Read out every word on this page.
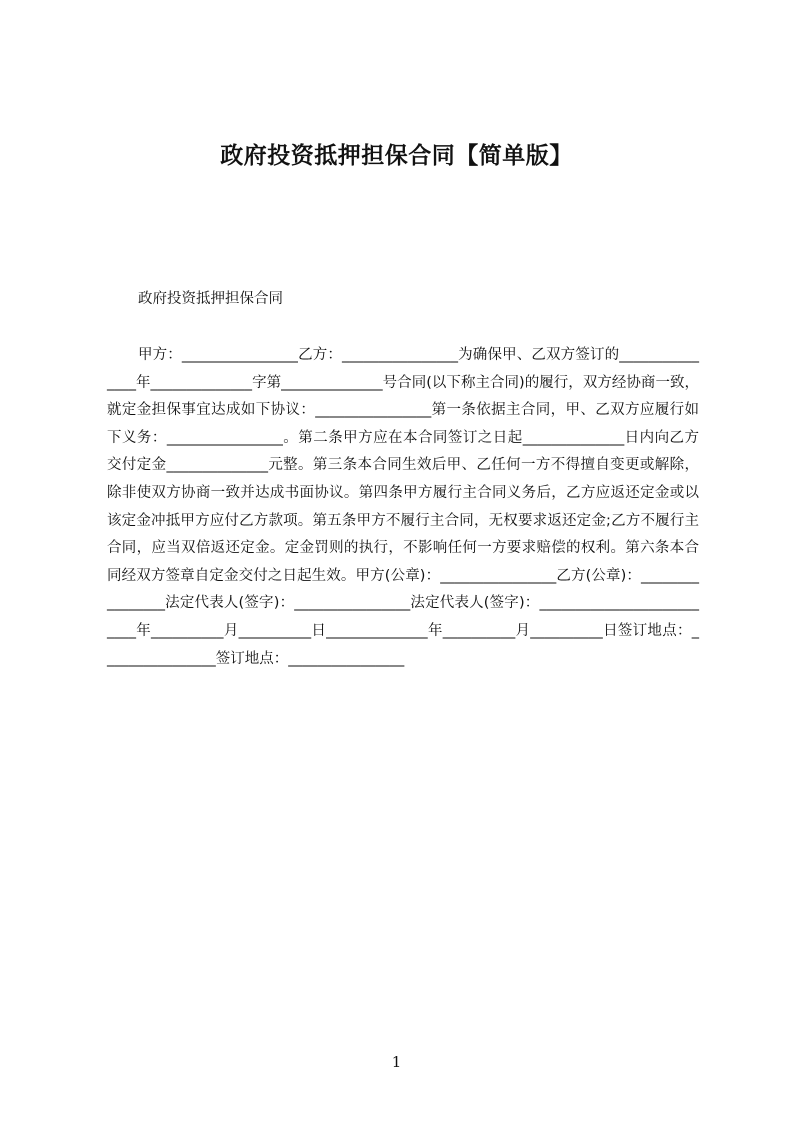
政府投资抵押担保合同【简单版】
政府投资抵押担保合同
甲方：________________乙方：________________为确保甲、乙双方签订的_______________年______________字第______________号合同(以下称主合同)的履行，双方经协商一致，就定金担保事宜达成如下协议：________________第一条依据主合同，甲、乙双方应履行如下义务：________________。第二条甲方应在本合同签订之日起______________日内向乙方交付定金______________元整。第三条本合同生效后甲、乙任何一方不得擅自变更或解除，除非使双方协商一致并达成书面协议。第四条甲方履行主合同义务后，乙方应返还定金或以该定金冲抵甲方应付乙方款项。第五条甲方不履行主合同，无权要求返还定金;乙方不履行主合同，应当双倍返还定金。定金罚则的执行，不影响任何一方要求赔偿的权利。第六条本合同经双方签章自定金交付之日起生效。甲方(公章)：________________乙方(公章)：________________法定代表人(签字)：________________法定代表人(签字)：__________________________年__________月__________日______________年__________月__________日签订地点：________________签订地点：________________
1
